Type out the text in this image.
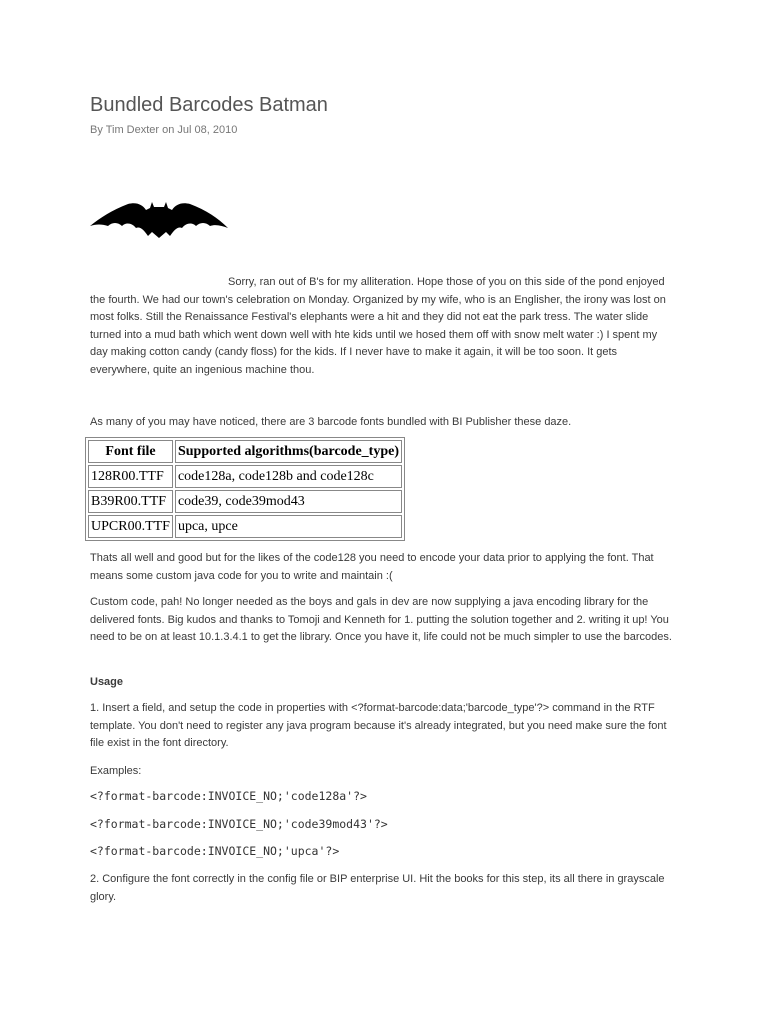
Bundled Barcodes Batman
By Tim Dexter on Jul 08, 2010

Sorry, ran out of B's for my alliteration. Hope those of you on this side of the pond enjoyed the fourth. We had our town's celebration on Monday. Organized by my wife, who is an Englisher, the irony was lost on most folks. Still the Renaissance Festival's elephants were a hit and they did not eat the park tress. The water slide turned into a mud bath which went down well with hte kids until we hosed them off with snow melt water :) I spent my day making cotton candy (candy floss) for the kids. If I never have to make it again, it will be too soon. It gets everywhere, quite an ingenious machine thou.

As many of you may have noticed, there are 3 barcode fonts bundled with BI Publisher these daze.

Font file	Supported algorithms(barcode_type)
128R00.TTF	code128a, code128b and code128c
B39R00.TTF	code39, code39mod43
UPCR00.TTF	upca, upce

Thats all well and good but for the likes of the code128 you need to encode your data prior to applying the font. That means some custom java code for you to write and maintain :(

Custom code, pah! No longer needed as the boys and gals in dev are now supplying a java encoding library for the delivered fonts. Big kudos and thanks to Tomoji and Kenneth for 1. putting the solution together and 2. writing it up! You need to be on at least 10.1.3.4.1 to get the library. Once you have it, life could not be much simpler to use the barcodes.

Usage

1. Insert a field, and setup the code in properties with <?format-barcode:data;'barcode_type'?> command in the RTF template. You don't need to register any java program because it's already integrated, but you need make sure the font file exist in the font directory.

Examples:

<?format-barcode:INVOICE_NO;'code128a'?>
<?format-barcode:INVOICE_NO;'code39mod43'?>
<?format-barcode:INVOICE_NO;'upca'?>

2. Configure the font correctly in the config file or BIP enterprise UI. Hit the books for this step, its all there in grayscale glory.
